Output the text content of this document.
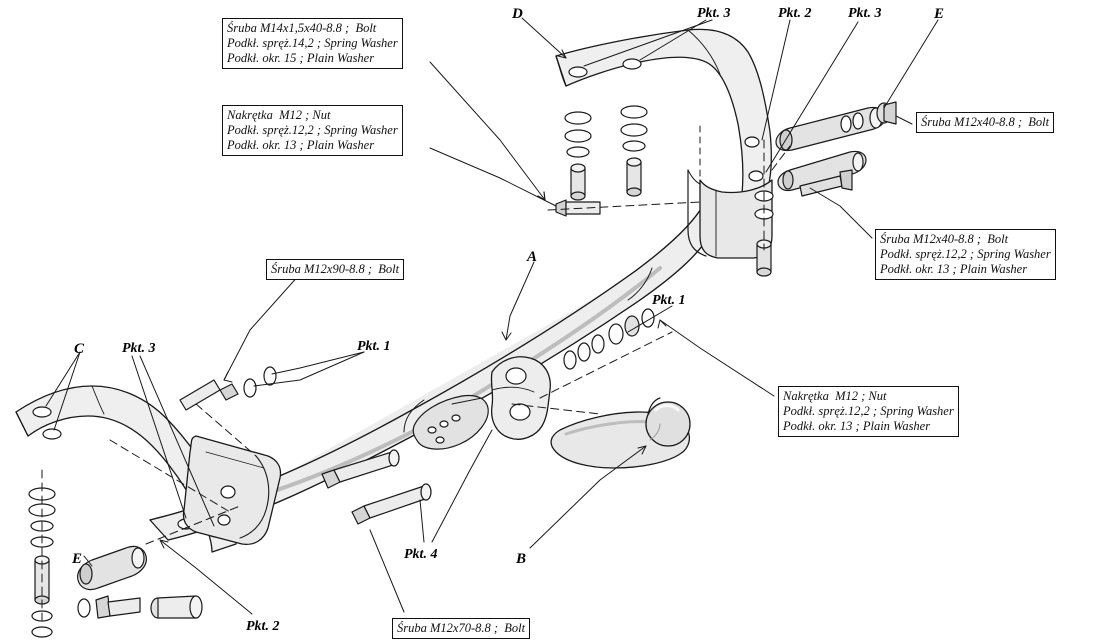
Śruba M14x1,5x40-8.8 ;  Bolt
Podkł. spręż.14,2 ; Spring Washer
Podkł. okr. 15 ; Plain Washer
Nakrętka  M12 ; Nut
Podkł. spręż.12,2 ; Spring Washer
Podkł. okr. 13 ; Plain Washer
Śruba M12x90-8.8 ;  Bolt
Śruba M12x40-8.8 ;  Bolt
Śruba M12x40-8.8 ;  Bolt
Podkł. spręż.12,2 ; Spring Washer
Podkł. okr. 13 ; Plain Washer
Nakrętka  M12 ; Nut
Podkł. spręż.12,2 ; Spring Washer
Podkł. okr. 13 ; Plain Washer
Śruba M12x70-8.8 ;  Bolt
D	Pkt. 3	Pkt. 2	Pkt. 3	E
A
Pkt. 1
C	Pkt. 3	Pkt. 1
E	Pkt. 4	B
Pkt. 2
